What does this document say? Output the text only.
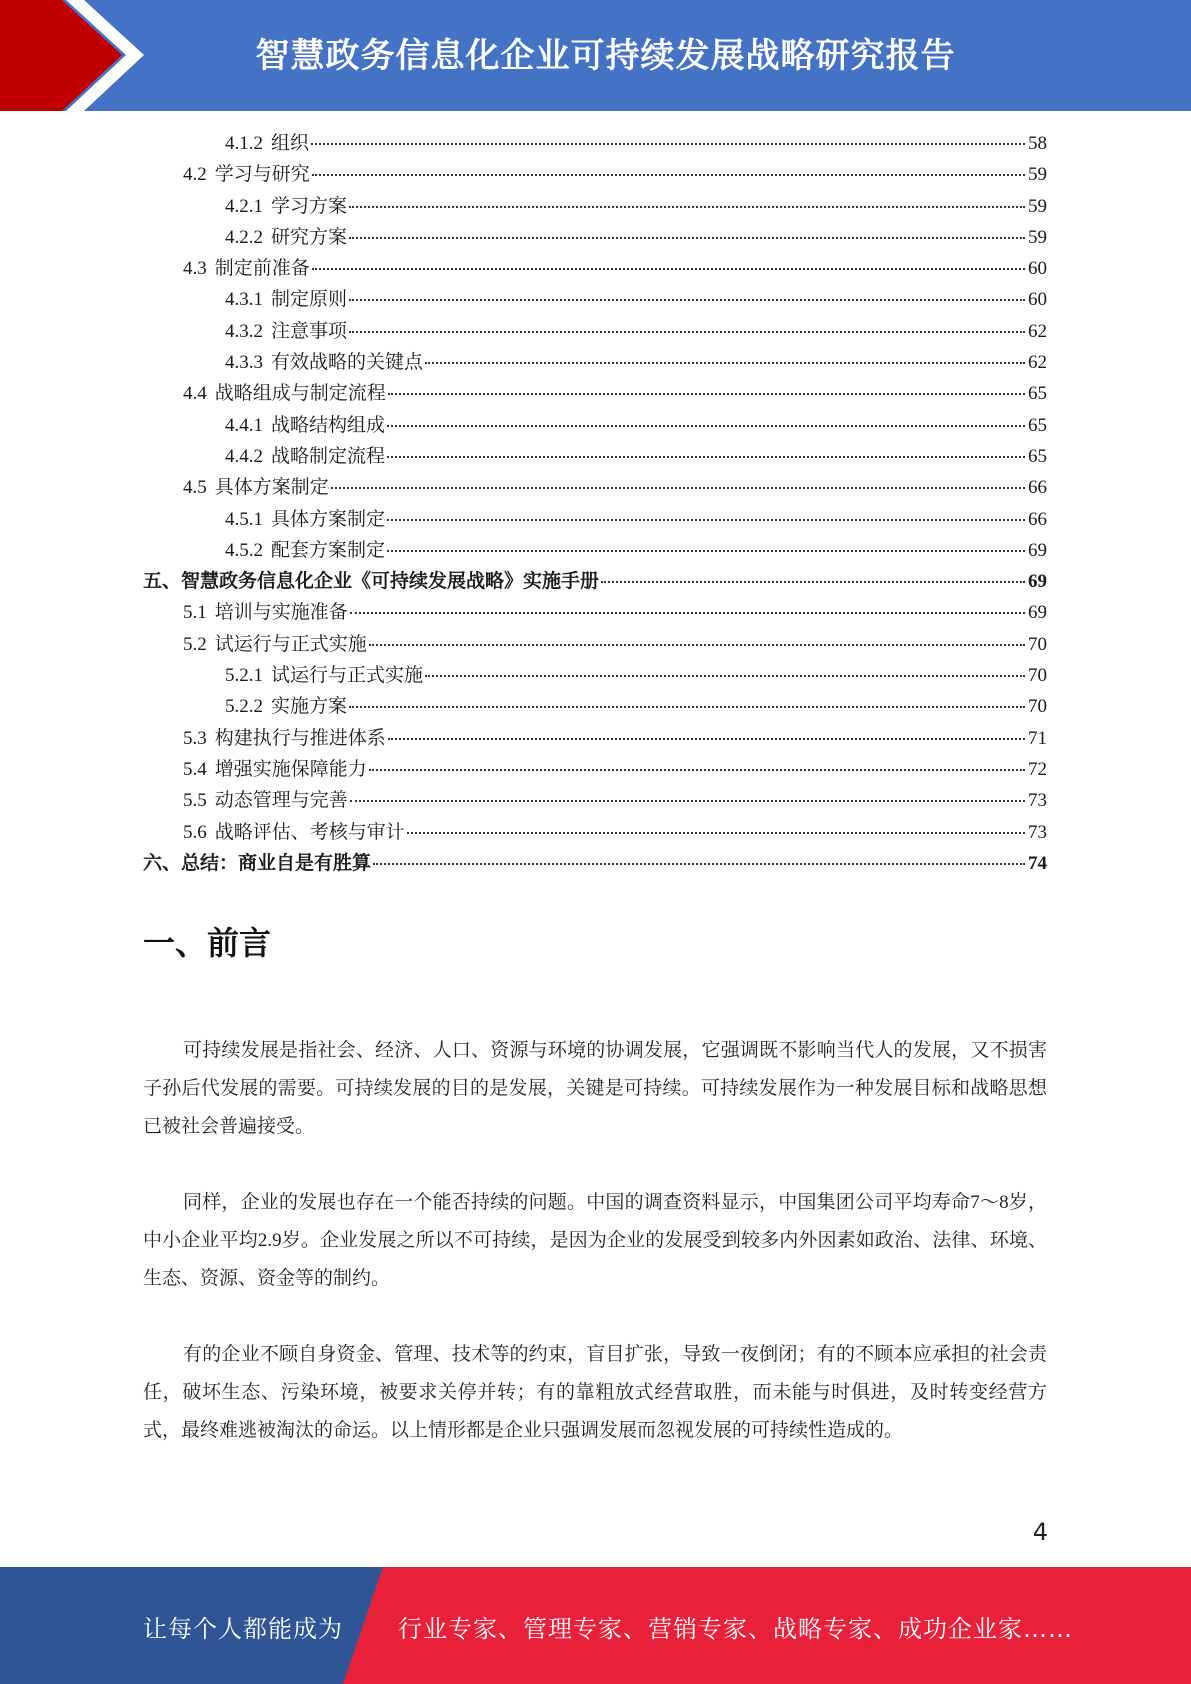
智慧政务信息化企业可持续发展战略研究报告
4.1.2 组织	58
4.2 学习与研究	59
4.2.1 学习方案	59
4.2.2 研究方案	59
4.3 制定前准备	60
4.3.1 制定原则	60
4.3.2 注意事项	62
4.3.3 有效战略的关键点	62
4.4 战略组成与制定流程	65
4.4.1 战略结构组成	65
4.4.2 战略制定流程	65
4.5 具体方案制定	66
4.5.1 具体方案制定	66
4.5.2 配套方案制定	69
五、 智慧政务信息化企业《可持续发展战略》实施手册	69
5.1 培训与实施准备	69
5.2 试运行与正式实施	70
5.2.1 试运行与正式实施	70
5.2.2 实施方案	70
5.3 构建执行与推进体系	71
5.4 增强实施保障能力	72
5.5 动态管理与完善	73
5.6 战略评估、考核与审计	73
六、 总结：商业自是有胜算	74
一、前言

可持续发展是指社会、经济、人口、资源与环境的协调发展，它强调既不影响当代人的发展，又不损害子孙后代发展的需要。可持续发展的目的是发展，关键是可持续。可持续发展作为一种发展目标和战略思想已被社会普遍接受。

同样，企业的发展也存在一个能否持续的问题。中国的调查资料显示，中国集团公司平均寿命7～8岁，中小企业平均2.9岁。企业发展之所以不可持续，是因为企业的发展受到较多内外因素如政治、法律、环境、生态、资源、资金等的制约。

有的企业不顾自身资金、管理、技术等的约束，盲目扩张，导致一夜倒闭；有的不顾本应承担的社会责任，破坏生态、污染环境，被要求关停并转；有的靠粗放式经营取胜，而未能与时俱进，及时转变经营方式，最终难逃被淘汰的命运。以上情形都是企业只强调发展而忽视发展的可持续性造成的。

4
让每个人都能成为 行业专家、管理专家、营销专家、战略专家、成功企业家……
